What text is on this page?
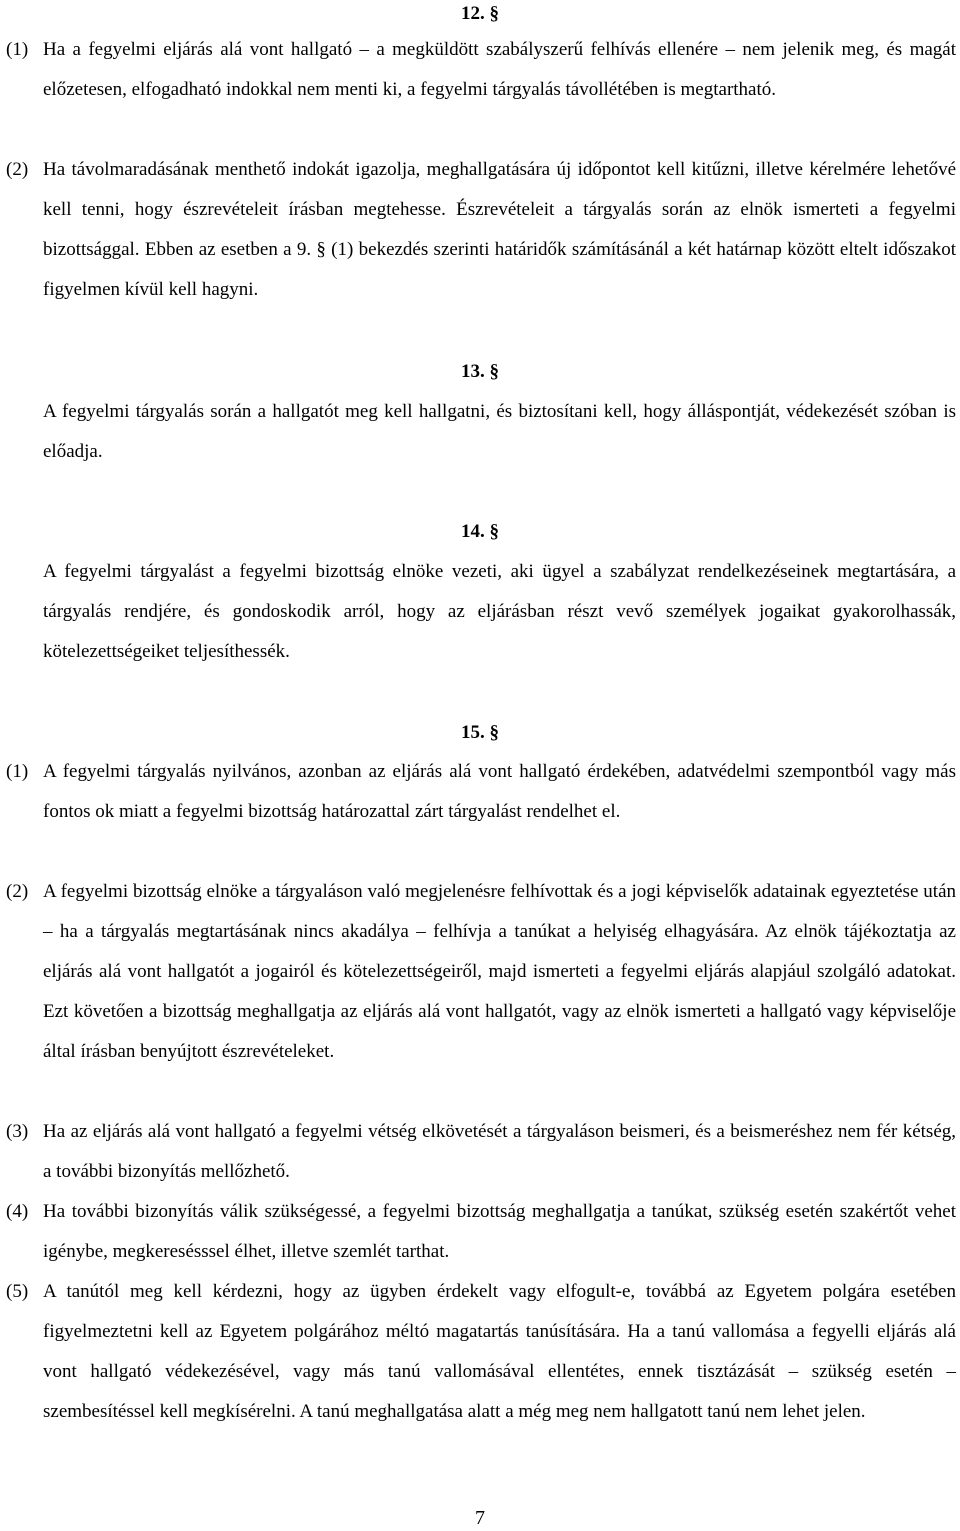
12. §
(1) Ha a fegyelmi eljárás alá vont hallgató – a megküldött szabályszerű felhívás ellenére – nem jelenik meg, és magát előzetesen, elfogadható indokkal nem menti ki, a fegyelmi tárgyalás távollétében is megtartható.
(2) Ha távolmaradásának menthető indokát igazolja, meghallgatására új időpontot kell kitűzni, illetve kérelmére lehetővé kell tenni, hogy észrevételeit írásban megtehesse. Észrevételeit a tárgyalás során az elnök ismerteti a fegyelmi bizottsággal. Ebben az esetben a 9. § (1) bekezdés szerinti határidők számításánál a két határnap között eltelt időszakot figyelmen kívül kell hagyni.
13. §
A fegyelmi tárgyalás során a hallgatót meg kell hallgatni, és biztosítani kell, hogy álláspontját, védekezését szóban is előadja.
14. §
A fegyelmi tárgyalást a fegyelmi bizottság elnöke vezeti, aki ügyel a szabályzat rendelkezéseinek megtartására, a tárgyalás rendjére, és gondoskodik arról, hogy az eljárásban részt vevő személyek jogaikat gyakorolhassák, kötelezettségeiket teljesíthessék.
15. §
(1) A fegyelmi tárgyalás nyilvános, azonban az eljárás alá vont hallgató érdekében, adatvédelmi szempontból vagy más fontos ok miatt a fegyelmi bizottság határozattal zárt tárgyalást rendelhet el.
(2) A fegyelmi bizottság elnöke a tárgyaláson való megjelenésre felhívottak és a jogi képviselők adatainak egyeztetése után – ha a tárgyalás megtartásának nincs akadálya – felhívja a tanúkat a helyiség elhagyására. Az elnök tájékoztatja az eljárás alá vont hallgatót a jogairól és kötelezettségeiről, majd ismerteti a fegyelmi eljárás alapjául szolgáló adatokat. Ezt követően a bizottság meghallgatja az eljárás alá vont hallgatót, vagy az elnök ismerteti a hallgató vagy képviselője által írásban benyújtott észrevételeket.
(3) Ha az eljárás alá vont hallgató a fegyelmi vétség elkövetését a tárgyaláson beismeri, és a beismeréshez nem fér kétség, a további bizonyítás mellőzhető.
(4) Ha további bizonyítás válik szükségessé, a fegyelmi bizottság meghallgatja a tanúkat, szükség esetén szakértőt vehet igénybe, megkeresésssel élhet, illetve szemlét tarthat.
(5) A tanútól meg kell kérdezni, hogy az ügyben érdekelt vagy elfogult-e, továbbá az Egyetem polgára esetében figyelmeztetni kell az Egyetem polgárához méltó magatartás tanúsítására. Ha a tanú vallomása a fegyelli eljárás alá vont hallgató védekezésével, vagy más tanú vallomásával ellentétes, ennek tisztázását – szükség esetén – szembesítéssel kell megkísérelni. A tanú meghallgatása alatt a még meg nem hallgatott tanú nem lehet jelen.
7
